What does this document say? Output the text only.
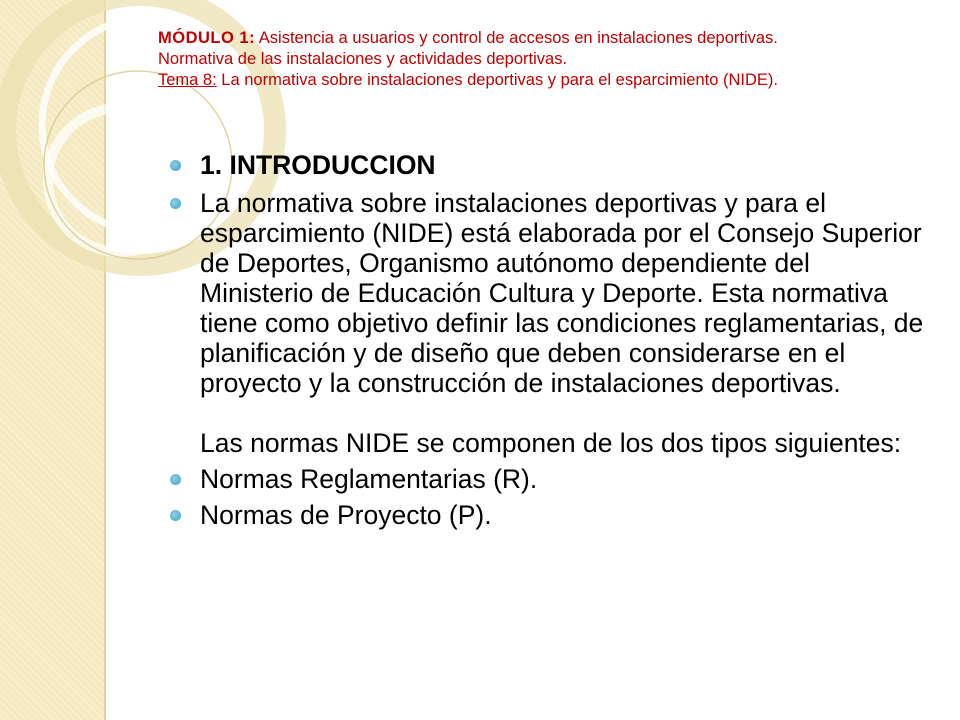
MÓDULO 1: Asistencia a usuarios y control de accesos en instalaciones deportivas.
Normativa de las instalaciones y actividades deportivas.
Tema 8: La normativa sobre instalaciones deportivas y para el esparcimiento (NIDE).
1. INTRODUCCION

La normativa sobre instalaciones deportivas y para el esparcimiento (NIDE) está elaborada por el Consejo Superior de Deportes, Organismo autónomo dependiente del Ministerio de Educación Cultura y Deporte. Esta normativa tiene como objetivo definir las condiciones reglamentarias, de planificación y de diseño que deben considerarse en el proyecto y la construcción de instalaciones deportivas.

Las normas NIDE se componen de los dos tipos siguientes:

Normas Reglamentarias (R).
Normas de Proyecto (P).
